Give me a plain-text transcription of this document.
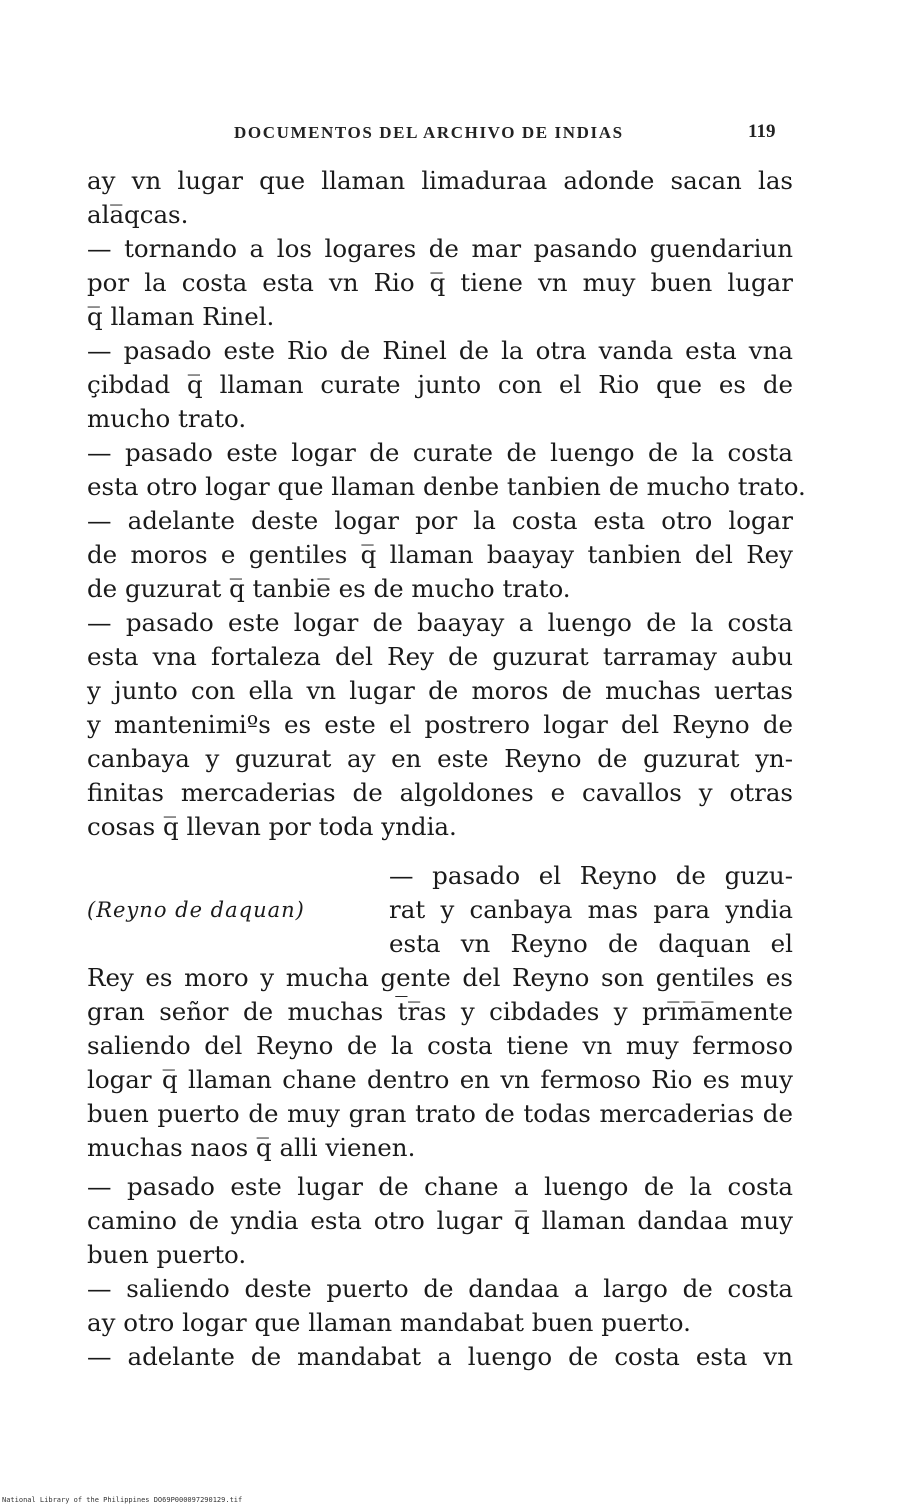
DOCUMENTOS DEL ARCHIVO DE INDIAS	119
ay vn lugar que llaman limaduraa adonde sacan las
ala̅qcas.
— tornando a los logares de mar pasando guendariun
por la costa esta vn Rio q̅ tiene vn muy buen lugar
q̅ llaman Rinel.
— pasado este Rio de Rinel de la otra vanda esta vna
çibdad q̅ llaman curate junto con el Rio que es de
mucho trato.
— pasado este logar de curate de luengo de la costa
esta otro logar que llaman denbe tanbien de mucho trato.
— adelante deste logar por la costa esta otro logar
de moros e gentiles q̅ llaman baayay tanbien del Rey
de guzurat q̅ tanbie̅ es de mucho trato.
— pasado este logar de baayay a luengo de la costa
esta vna fortaleza del Rey de guzurat tarramay aubu
y junto con ella vn lugar de moros de muchas uertas
y mantenimiºs es este el postrero logar del Reyno de
canbaya y guzurat ay en este Reyno de guzurat yn-
finitas mercaderias de algoldones e cavallos y otras
cosas q̅ llevan por toda yndia.
— pasado el Reyno de guzu-
(Reyno de daquan)	rat y canbaya mas para yndia
esta vn Reyno de daquan el
Rey es moro y mucha gente del Reyno son gentiles es
gran señor de muchas t̅r̅as y cibdades y pri̅m̅a̅mente
saliendo del Reyno de la costa tiene vn muy fermoso
logar q̅ llaman chane dentro en vn fermoso Rio es muy
buen puerto de muy gran trato de todas mercaderias de
muchas naos q̅ alli vienen.
— pasado este lugar de chane a luengo de la costa
camino de yndia esta otro lugar q̅ llaman dandaa muy
buen puerto.
— saliendo deste puerto de dandaa a largo de costa
ay otro logar que llaman mandabat buen puerto.
— adelante de mandabat a luengo de costa esta vn
National Library of the Philippines DO69P000097290129.tif
